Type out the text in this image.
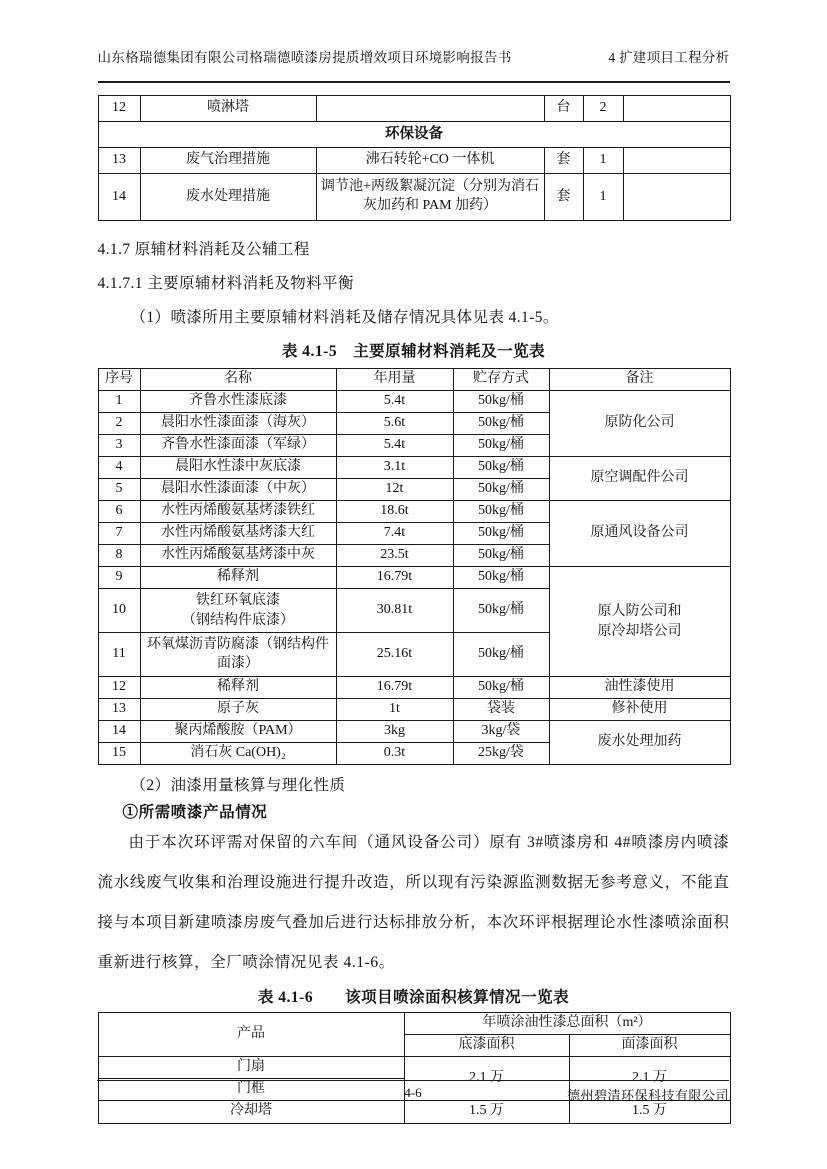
山东格瑞德集团有限公司格瑞德喷漆房提质增效项目环境影响报告书	4 扩建项目工程分析
12	喷淋塔		台	2	
环保设备					
13	废气治理措施	沸石转轮+CO 一体机	套	1	
14	废水处理措施	调节池+两级絮凝沉淀（分别为消石灰加药和 PAM 加药）	套	1	
4.1.7 原辅材料消耗及公辅工程
4.1.7.1 主要原辅材料消耗及物料平衡
（1）喷漆所用主要原辅材料消耗及储存情况具体见表 4.1-5。
表 4.1-5　主要原辅材料消耗及一览表
序号	名称	年用量	贮存方式	备注
1	齐鲁水性漆底漆	5.4t	50kg/桶	原防化公司
2	晨阳水性漆面漆（海灰）	5.6t	50kg/桶	
3	齐鲁水性漆面漆（军绿）	5.4t	50kg/桶	
4	晨阳水性漆中灰底漆	3.1t	50kg/桶	原空调配件公司
5	晨阳水性漆面漆（中灰）	12t	50kg/桶	
6	水性丙烯酸氨基烤漆铁红	18.6t	50kg/桶	原通风设备公司
7	水性丙烯酸氨基烤漆大红	7.4t	50kg/桶	
8	水性丙烯酸氨基烤漆中灰	23.5t	50kg/桶	
9	稀释剂	16.79t	50kg/桶	原人防公司和
原冷却塔公司

10	铁红环氧底漆
（钢结构件底漆）	30.81t	50kg/桶	
11	环氧煤沥青防腐漆（钢结构件面漆）	25.16t	50kg/桶	
12	稀释剂	16.79t	50kg/桶	油性漆使用
13	原子灰	1t	袋装	修补使用
14	聚丙烯酸胺（PAM）	3kg	3kg/袋	废水处理加药
15	消石灰 Ca(OH)₂	0.3t	25kg/袋	
（2）油漆用量核算与理化性质
①所需喷漆产品情况
由于本次环评需对保留的六车间（通风设备公司）原有 3#喷漆房和 4#喷漆房内喷漆流水线废气收集和治理设施进行提升改造，所以现有污染源监测数据无参考意义，不能直接与本项目新建喷漆房废气叠加后进行达标排放分析，本次环评根据理论水性漆喷涂面积重新进行核算，全厂喷涂情况见表 4.1-6。
表 4.1-6　　该项目喷涂面积核算情况一览表
产品	年喷涂油性漆总面积（m²）	
	底漆面积	面漆面积
门扇	2.1 万	2.1 万
门框		
冷却塔	1.5 万	1.5 万
4-6	德州碧清环保科技有限公司
